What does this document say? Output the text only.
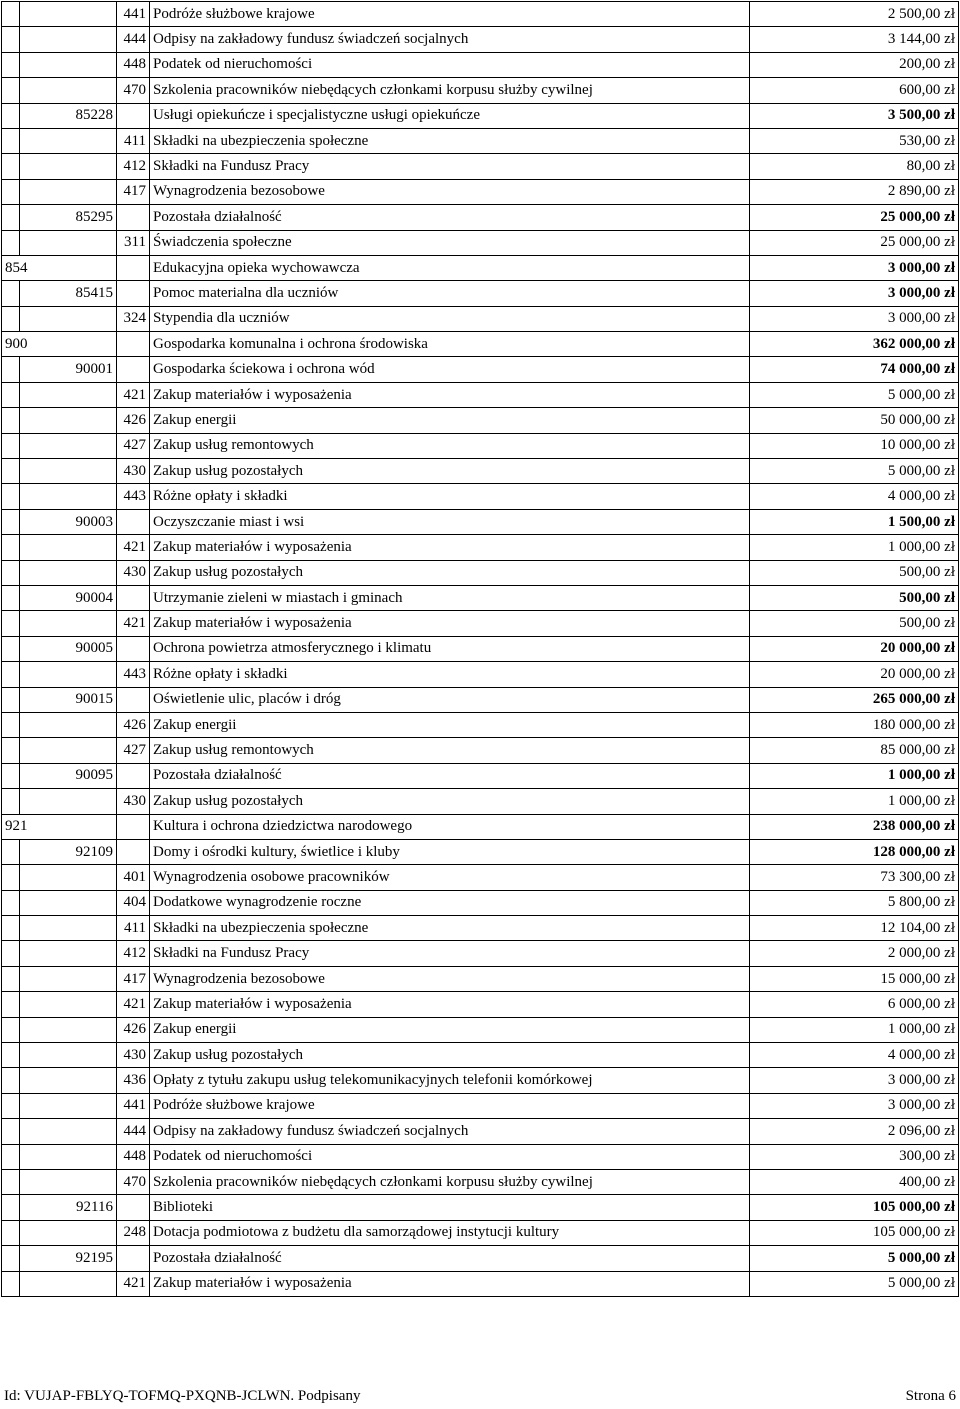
		441	Podróże służbowe krajowe	2 500,00 zł
		444	Odpisy na zakładowy fundusz świadczeń socjalnych	3 144,00 zł
		448	Podatek od nieruchomości	200,00 zł
		470	Szkolenia pracowników niebędących członkami korpusu służby cywilnej	600,00 zł
	85228		Usługi opiekuńcze i specjalistyczne usługi opiekuńcze	3 500,00 zł
		411	Składki na ubezpieczenia społeczne	530,00 zł
		412	Składki na Fundusz Pracy	80,00 zł
		417	Wynagrodzenia bezosobowe	2 890,00 zł
	85295		Pozostała działalność	25 000,00 zł
		311	Świadczenia społeczne	25 000,00 zł
854			Edukacyjna opieka wychowawcza	3 000,00 zł
	85415		Pomoc materialna dla uczniów	3 000,00 zł
		324	Stypendia dla uczniów	3 000,00 zł
900			Gospodarka komunalna i ochrona środowiska	362 000,00 zł
	90001		Gospodarka ściekowa i ochrona wód	74 000,00 zł
		421	Zakup materiałów i wyposażenia	5 000,00 zł
		426	Zakup energii	50 000,00 zł
		427	Zakup usług remontowych	10 000,00 zł
		430	Zakup usług pozostałych	5 000,00 zł
		443	Różne opłaty i składki	4 000,00 zł
	90003		Oczyszczanie miast i wsi	1 500,00 zł
		421	Zakup materiałów i wyposażenia	1 000,00 zł
		430	Zakup usług pozostałych	500,00 zł
	90004		Utrzymanie zieleni w miastach i gminach	500,00 zł
		421	Zakup materiałów i wyposażenia	500,00 zł
	90005		Ochrona powietrza atmosferycznego i klimatu	20 000,00 zł
		443	Różne opłaty i składki	20 000,00 zł
	90015		Oświetlenie ulic, placów i dróg	265 000,00 zł
		426	Zakup energii	180 000,00 zł
		427	Zakup usług remontowych	85 000,00 zł
	90095		Pozostała działalność	1 000,00 zł
		430	Zakup usług pozostałych	1 000,00 zł
921			Kultura i ochrona dziedzictwa narodowego	238 000,00 zł
	92109		Domy i ośrodki kultury, świetlice i kluby	128 000,00 zł
		401	Wynagrodzenia osobowe pracowników	73 300,00 zł
		404	Dodatkowe wynagrodzenie roczne	5 800,00 zł
		411	Składki na ubezpieczenia społeczne	12 104,00 zł
		412	Składki na Fundusz Pracy	2 000,00 zł
		417	Wynagrodzenia bezosobowe	15 000,00 zł
		421	Zakup materiałów i wyposażenia	6 000,00 zł
		426	Zakup energii	1 000,00 zł
		430	Zakup usług pozostałych	4 000,00 zł
		436	Opłaty z tytułu zakupu usług telekomunikacyjnych telefonii komórkowej	3 000,00 zł
		441	Podróże służbowe krajowe	3 000,00 zł
		444	Odpisy na zakładowy fundusz świadczeń socjalnych	2 096,00 zł
		448	Podatek od nieruchomości	300,00 zł
		470	Szkolenia pracowników niebędących członkami korpusu służby cywilnej	400,00 zł
	92116		Biblioteki	105 000,00 zł
		248	Dotacja podmiotowa z budżetu dla samorządowej instytucji kultury	105 000,00 zł
	92195		Pozostała działalność	5 000,00 zł
		421	Zakup materiałów i wyposażenia	5 000,00 zł
Id: VUJAP-FBLYQ-TOFMQ-PXQNB-JCLWN. Podpisany	Strona 6
